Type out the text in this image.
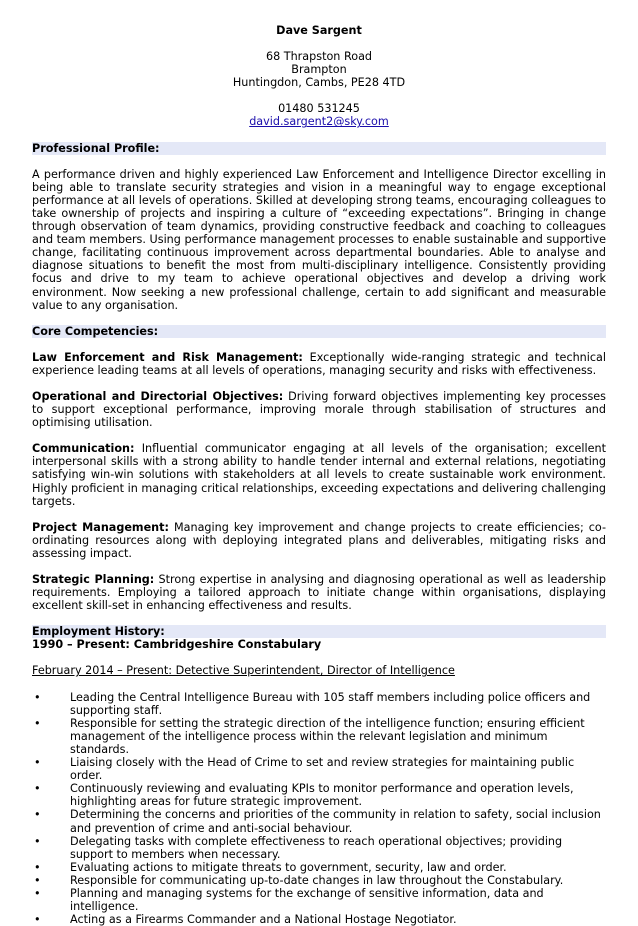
Dave Sargent
68 Thrapston Road
Brampton
Huntingdon, Cambs, PE28 4TD
01480 531245
david.sargent2@sky.com
Professional Profile:

A performance driven and highly experienced Law Enforcement and Intelligence Director excelling in being able to translate security strategies and vision in a meaningful way to engage exceptional performance at all levels of operations. Skilled at developing strong teams, encouraging colleagues to take ownership of projects and inspiring a culture of “exceeding expectations”. Bringing in change through observation of team dynamics, providing constructive feedback and coaching to colleagues and team members. Using performance management processes to enable sustainable and supportive change, facilitating continuous improvement across departmental boundaries. Able to analyse and diagnose situations to benefit the most from multi-disciplinary intelligence. Consistently providing focus and drive to my team to achieve operational objectives and develop a driving work environment. Now seeking a new professional challenge, certain to add significant and measurable value to any organisation.

Core Competencies:

Law Enforcement and Risk Management: Exceptionally wide-ranging strategic and technical experience leading teams at all levels of operations, managing security and risks with effectiveness.

Operational and Directorial Objectives: Driving forward objectives implementing key processes to support exceptional performance, improving morale through stabilisation of structures and optimising utilisation.

Communication: Influential communicator engaging at all levels of the organisation; excellent interpersonal skills with a strong ability to handle tender internal and external relations, negotiating satisfying win-win solutions with stakeholders at all levels to create sustainable work environment. Highly proficient in managing critical relationships, exceeding expectations and delivering challenging targets.

Project Management: Managing key improvement and change projects to create efficiencies; co-ordinating resources along with deploying integrated plans and deliverables, mitigating risks and assessing impact.

Strategic Planning: Strong expertise in analysing and diagnosing operational as well as leadership requirements. Employing a tailored approach to initiate change within organisations, displaying excellent skill-set in enhancing effectiveness and results.

Employment History:
1990 – Present: Cambridgeshire Constabulary
February 2014 – Present: Detective Superintendent, Director of Intelligence
• Leading the Central Intelligence Bureau with 105 staff members including police officers and supporting staff.
• Responsible for setting the strategic direction of the intelligence function; ensuring efficient management of the intelligence process within the relevant legislation and minimum standards.
• Liaising closely with the Head of Crime to set and review strategies for maintaining public order.
• Continuously reviewing and evaluating KPIs to monitor performance and operation levels, highlighting areas for future strategic improvement.
• Determining the concerns and priorities of the community in relation to safety, social inclusion and prevention of crime and anti-social behaviour.
• Delegating tasks with complete effectiveness to reach operational objectives; providing support to members when necessary.
• Evaluating actions to mitigate threats to government, security, law and order.
• Responsible for communicating up-to-date changes in law throughout the Constabulary.
• Planning and managing systems for the exchange of sensitive information, data and intelligence.
• Acting as a Firearms Commander and a National Hostage Negotiator.
